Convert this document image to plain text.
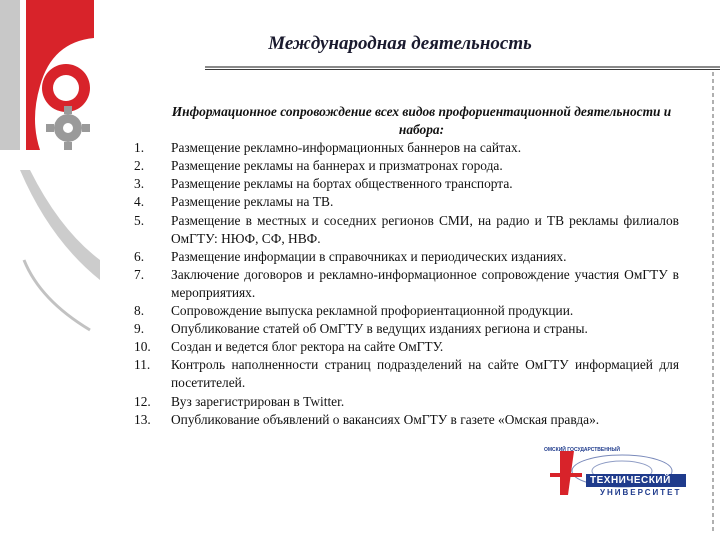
Международная деятельность
Информационное сопровождение всех видов профориентационной деятельности и набора:
1.	Размещение рекламно-информационных баннеров на сайтах.
2.	Размещение рекламы на баннерах и призматронах города.
3.	Размещение рекламы на бортах общественного транспорта.
4.	Размещение рекламы на ТВ.
5.	Размещение в местных и соседних регионов СМИ, на радио и ТВ рекламы филиалов ОмГТУ: НЮФ, СФ, НВФ.
6.	Размещение информации в справочниках и периодических изданиях.
7.	Заключение договоров и рекламно-информационное сопровождение участия ОмГТУ в мероприятиях.
8.	Сопровождение выпуска рекламной профориентационной продукции.
9.	Опубликование статей об ОмГТУ в ведущих изданиях региона и страны.
10.	Создан и ведется блог ректора на сайте ОмГТУ.
11.	Контроль наполненности страниц подразделений на сайте ОмГТУ информацией для посетителей.
12.	Вуз зарегистрирован в Twitter.
13.	Опубликование объявлений о вакансиях ОмГТУ в газете «Омская правда».
ОМСКИЙ ГОСУДАРСТВЕННЫЙ
ТЕХНИЧЕСКИЙ
УНИВЕРСИТЕТ
